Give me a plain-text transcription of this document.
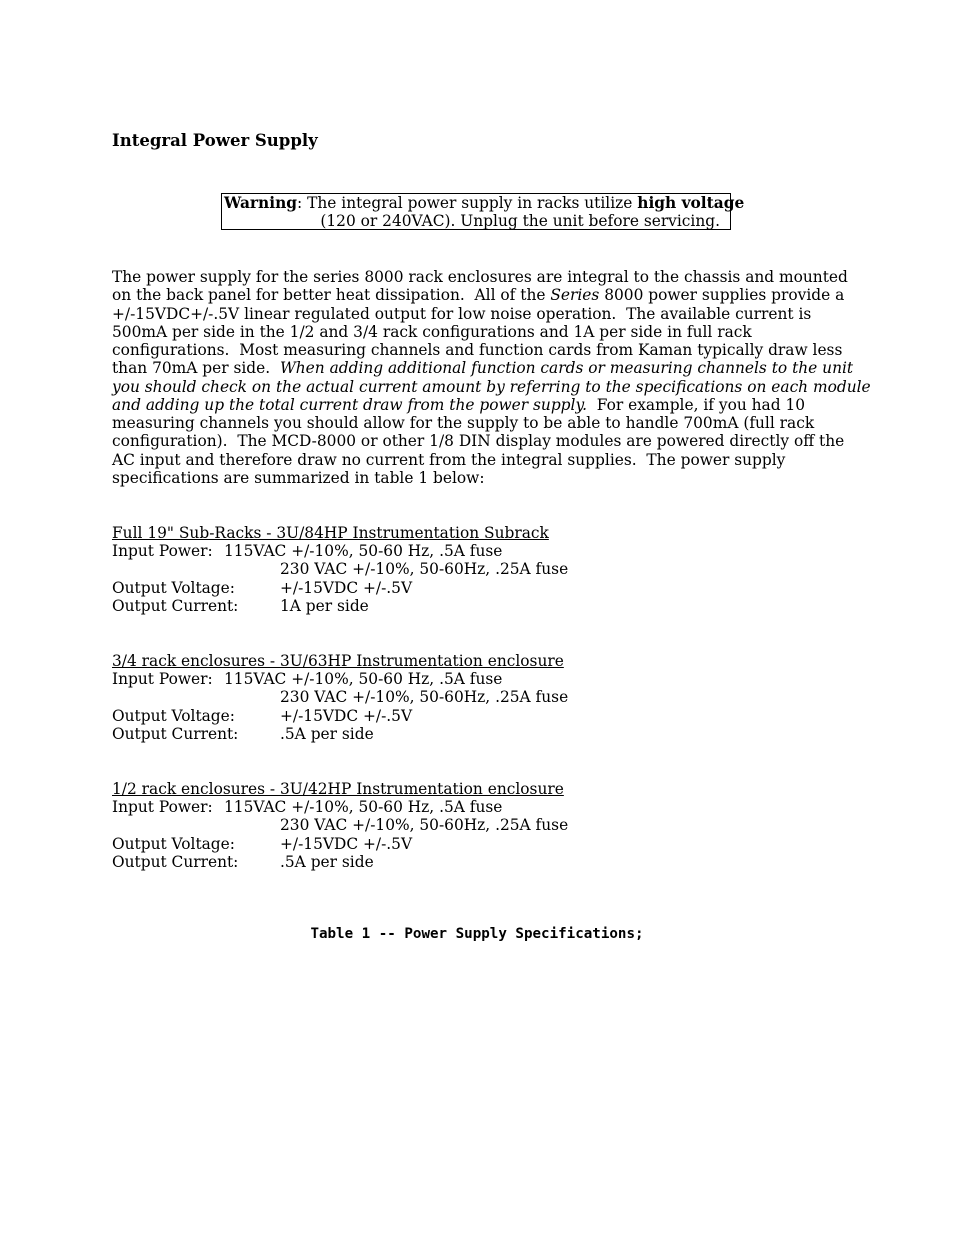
Integral Power Supply
Warning: The integral power supply in racks utilize high voltage
(120 or 240VAC). Unplug the unit before servicing.
The power supply for the series 8000 rack enclosures are integral to the chassis and mounted
on the back panel for better heat dissipation.  All of the Series 8000 power supplies provide a
+/-15VDC+/-.5V linear regulated output for low noise operation.  The available current is
500mA per side in the 1/2 and 3/4 rack configurations and 1A per side in full rack
configurations.  Most measuring channels and function cards from Kaman typically draw less
than 70mA per side.  When adding additional function cards or measuring channels to the unit
you should check on the actual current amount by referring to the specifications on each module
and adding up the total current draw from the power supply.  For example, if you had 10
measuring channels you should allow for the supply to be able to handle 700mA (full rack
configuration).  The MCD-8000 or other 1/8 DIN display modules are powered directly off the
AC input and therefore draw no current from the integral supplies.  The power supply
specifications are summarized in table 1 below:
Full 19" Sub-Racks - 3U/84HP Instrumentation Subrack
Input Power: 115VAC +/-10%, 50-60 Hz, .5A fuse
230 VAC +/-10%, 50-60Hz, .25A fuse
Output Voltage:	+/-15VDC +/-.5V
Output Current:	1A per side
3/4 rack enclosures - 3U/63HP Instrumentation enclosure
Input Power: 115VAC +/-10%, 50-60 Hz, .5A fuse
230 VAC +/-10%, 50-60Hz, .25A fuse
Output Voltage:	+/-15VDC +/-.5V
Output Current:	.5A per side
1/2 rack enclosures - 3U/42HP Instrumentation enclosure
Input Power: 115VAC +/-10%, 50-60 Hz, .5A fuse
230 VAC +/-10%, 50-60Hz, .25A fuse
Output Voltage:	+/-15VDC +/-.5V
Output Current:	.5A per side
Table 1 -- Power Supply Specifications;
